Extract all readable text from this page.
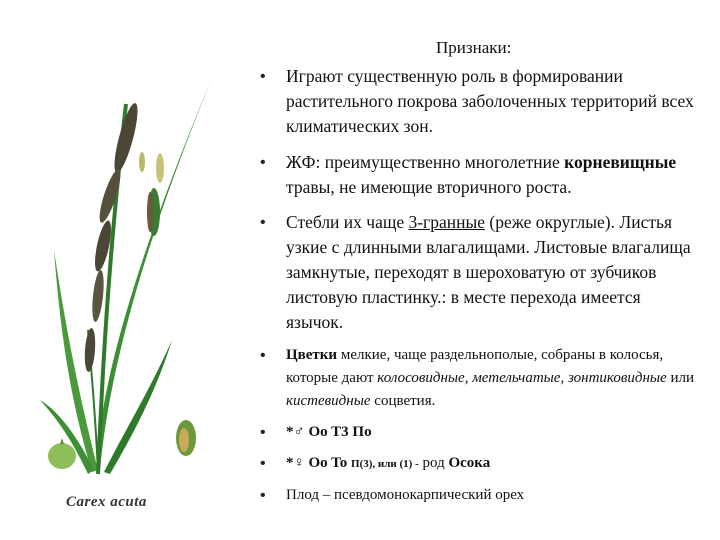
Carex acuta
Признаки:
• Играют существенную роль в формировании растительного покрова заболоченных территорий всех климатических зон.
• ЖФ: преимущественно многолетние корневищные травы, не имеющие вторичного роста.
• Стебли их чаще 3-гранные (реже округлые). Листья узкие с длинными влагалищами. Листовые влагалища замкнутые, переходят в шероховатую от зубчиков листовую пластинку.: в месте перехода имеется язычок.
• Цветки мелкие, чаще раздельнополые, собраны в колосья, которые дают колосовидные, метельчатые, зонтиковидные или кистевидные соцветия.
• *♂ Oo T3 Пo
• *♀ Oo To П(3), или (1) - род Осока
• Плод – псевдомонокарпический орех
